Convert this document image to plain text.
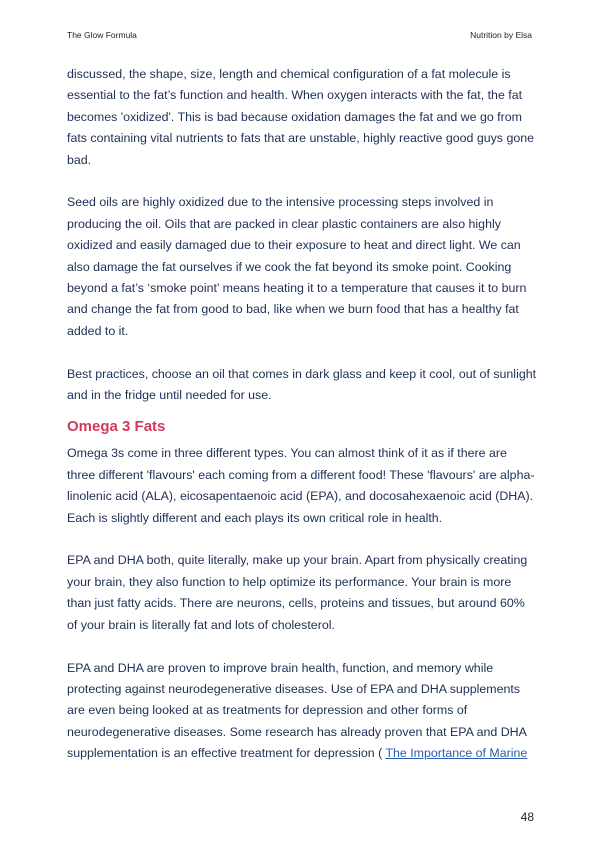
The Glow Formula	Nutrition by Elsa

discussed, the shape, size, length and chemical configuration of a fat molecule is essential to the fat’s function and health. When oxygen interacts with the fat, the fat becomes 'oxidized'. This is bad because oxidation damages the fat and we go from fats containing vital nutrients to fats that are unstable, highly reactive good guys gone bad.

Seed oils are highly oxidized due to the intensive processing steps involved in producing the oil. Oils that are packed in clear plastic containers are also highly oxidized and easily damaged due to their exposure to heat and direct light. We can also damage the fat ourselves if we cook the fat beyond its smoke point. Cooking beyond a fat’s ‘smoke point’ means heating it to a temperature that causes it to burn and change the fat from good to bad, like when we burn food that has a healthy fat added to it.

Best practices, choose an oil that comes in dark glass and keep it cool, out of sunlight and in the fridge until needed for use.

Omega 3 Fats

Omega 3s come in three different types. You can almost think of it as if there are three different 'flavours' each coming from a different food! These 'flavours' are alpha-linolenic acid (ALA), eicosapentaenoic acid (EPA), and docosahexaenoic acid (DHA). Each is slightly different and each plays its own critical role in health.

EPA and DHA both, quite literally, make up your brain. Apart from physically creating your brain, they also function to help optimize its performance. Your brain is more than just fatty acids. There are neurons, cells, proteins and tissues, but around 60% of your brain is literally fat and lots of cholesterol.

EPA and DHA are proven to improve brain health, function, and memory while protecting against neurodegenerative diseases. Use of EPA and DHA supplements are even being looked at as treatments for depression and other forms of neurodegenerative diseases. Some research has already proven that EPA and DHA supplementation is an effective treatment for depression ( The Importance of Marine

48
